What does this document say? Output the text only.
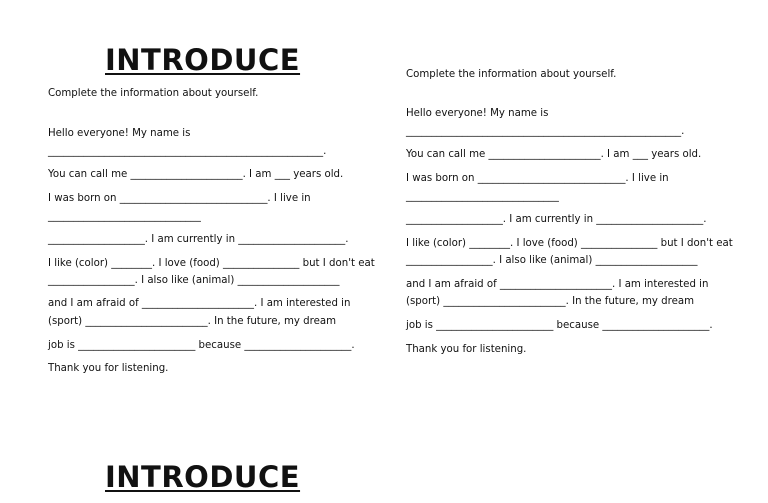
INTRODUCE

Complete the information about yourself.

Hello everyone! My name is

______________________________________________________.

You can call me ______________________. I am ___ years old.

I was born on _____________________________. I live in

______________________________

___________________. I am currently in _____________________.

I like (color) ________. I love (food) _______________ but I don't eat

_________________. I also like (animal) ____________________

and I am afraid of ______________________. I am interested in

(sport) ________________________. In the future, my dream

job is _______________________ because _____________________.

Thank you for listening.

Complete the information about yourself.

Hello everyone! My name is

______________________________________________________.

You can call me ______________________. I am ___ years old.

I was born on _____________________________. I live in

______________________________

___________________. I am currently in _____________________.

I like (color) ________. I love (food) _______________ but I don't eat

_________________. I also like (animal) ____________________

and I am afraid of ______________________. I am interested in

(sport) ________________________. In the future, my dream

job is _______________________ because _____________________.

Thank you for listening.

INTRODUCE
